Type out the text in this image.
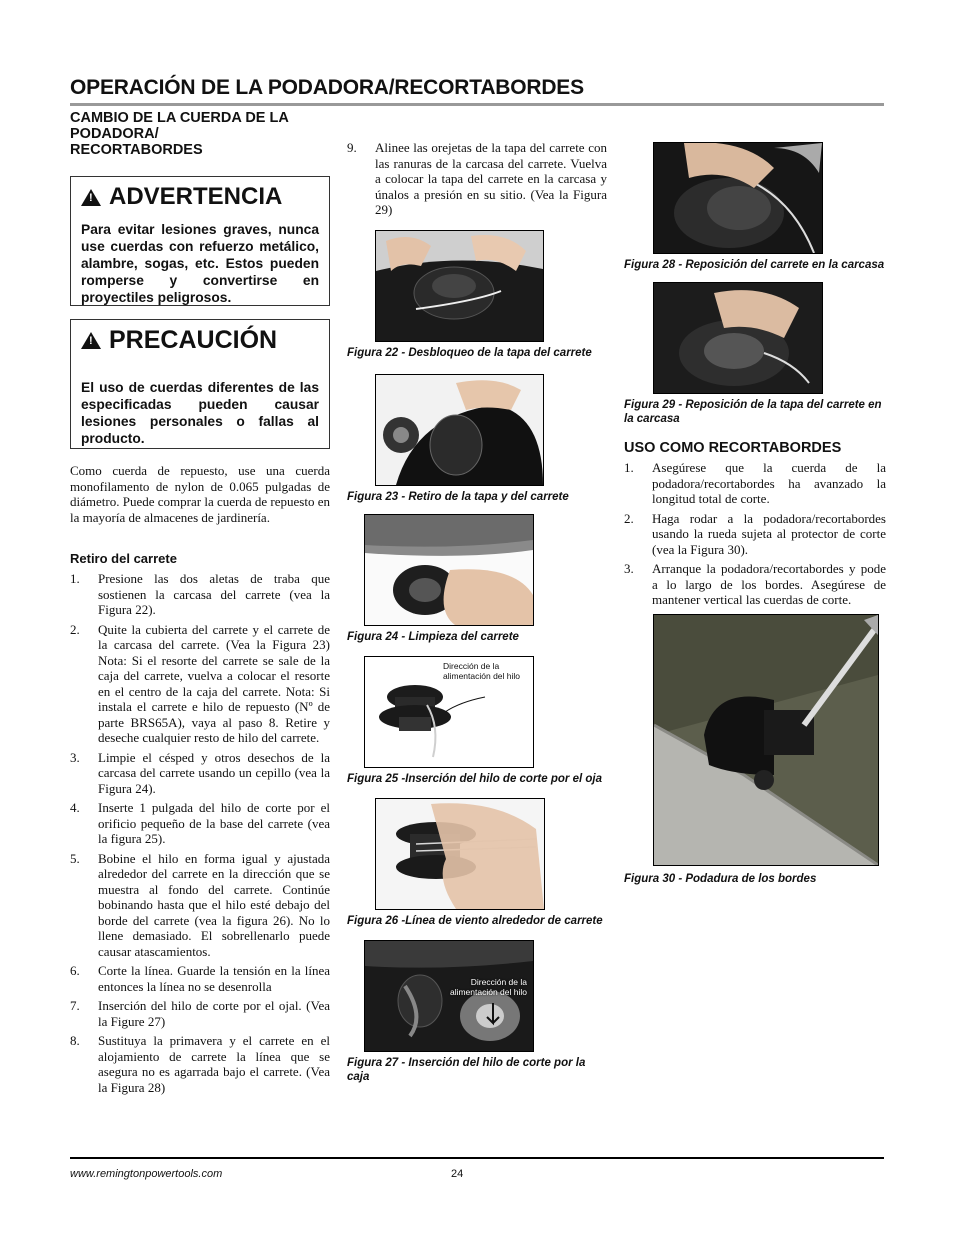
OPERACIÓN DE LA PODADORA/RECORTABORDES
CAMBIO DE LA CUERDA DE LA PODADORA/ RECORTABORDES
! ADVERTENCIA
Para evitar lesiones graves, nunca use cuerdas con refuerzo metálico, alambre, sogas, etc. Estos pueden romperse y convertirse en proyectiles peligrosos.
! PRECAUCIÓN
El uso de cuerdas diferentes de las especificadas pueden causar lesiones personales o fallas al producto.

Como cuerda de repuesto, use una cuerda monofilamento de nylon de 0.065 pulgadas de diámetro. Puede comprar la cuerda de repuesto en la mayoría de almacenes de jardinería.

Retiro del carrete
1.	Presione las dos aletas de traba que sostienen la carcasa del carrete (vea la Figura 22).
2.	Quite la cubierta del carrete y el carrete de la carcasa del carrete. (Vea la Figura 23) Nota: Si el resorte del carrete se sale de la caja del carrete, vuelva a colocar el resorte en el centro de la caja del carrete. Nota: Si instala el carrete e hilo de repuesto (Nº de parte BRS65A), vaya al paso 8. Retire y deseche cualquier resto de hilo del carrete.
3.	Limpie el césped y otros desechos de la carcasa del carrete usando un cepillo (vea la Figura 24).
4.	Inserte 1 pulgada del hilo de corte por el orificio pequeño de la base del carrete (vea la figura 25).
5.	Bobine el hilo en forma igual y ajustada alrededor del carrete en la dirección que se muestra al fondo del carrete. Continúe bobinando hasta que el hilo esté debajo del borde del carrete (vea la figura 26). No lo llene demasiado. El sobrellenarlo puede causar atascamientos.
6.	Corte la línea. Guarde la tensión en la línea entonces la línea no se desenrolla
7.	Inserción del hilo de corte por el ojal. (Vea la Figure 27)
8.	Sustituya la primavera y el carrete en el alojamiento de carrete la línea que se asegura no es agarrada bajo el carrete. (Vea la Figura 28)
9.	Alinee las orejetas de la tapa del carrete con las ranuras de la carcasa del carrete. Vuelva a colocar la tapa del carrete en la carcasa y únalos a presión en su sitio. (Vea la Figura 29)
Figura 22 - Desbloqueo de la tapa del carrete
Figura 23 - Retiro de la tapa y del carrete
Figura 24 - Limpieza del carrete
Dirección de la alimentación del hilo
Figura 25 -Inserción del hilo de corte por el oja
Figura 26 -Línea de viento alrededor de carrete
Dirección de la alimentación del hilo
Figura 27 - Inserción del hilo de corte por la caja
Figura 28 - Reposición del carrete en la carcasa
Figura 29 - Reposición de la tapa del carrete en la carcasa
USO COMO RECORTABORDES
1.	Asegúrese que la cuerda de la podadora/recortabordes ha avanzado la longitud total de corte.
2.	Haga rodar a la podadora/recortabordes usando la rueda sujeta al protector de corte (vea la Figura 30).
3.	Arranque la podadora/recortabordes y pode a lo largo de los bordes. Asegúrese de mantener vertical las cuerdas de corte.
Figura 30 - Podadura de los bordes
www.remingtonpowertools.com	24
